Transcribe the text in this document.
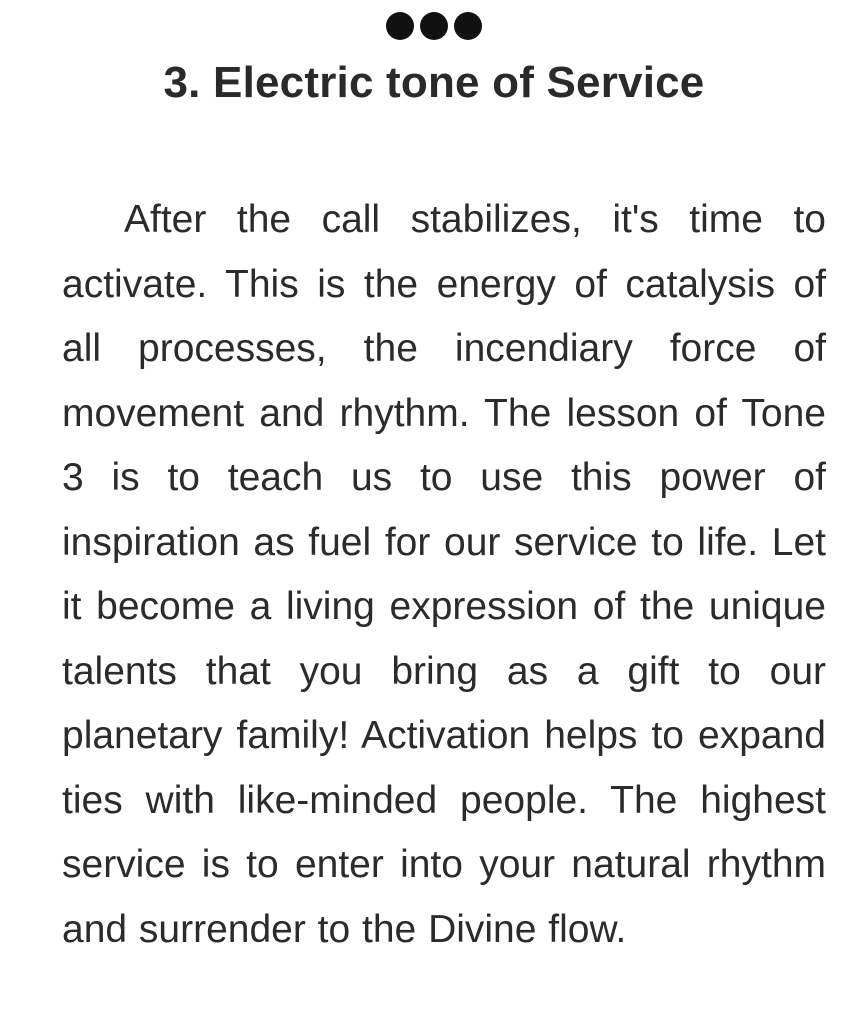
3. Electric tone of Service

After the call stabilizes, it's time to activate. This is the energy of catalysis of all processes, the incendiary force of movement and rhythm. The lesson of Tone 3 is to teach us to use this power of inspiration as fuel for our service to life. Let it become a living expression of the unique talents that you bring as a gift to our planetary family! Activation helps to expand ties with like-minded people. The highest service is to enter into your natural rhythm and surrender to the Divine flow.
